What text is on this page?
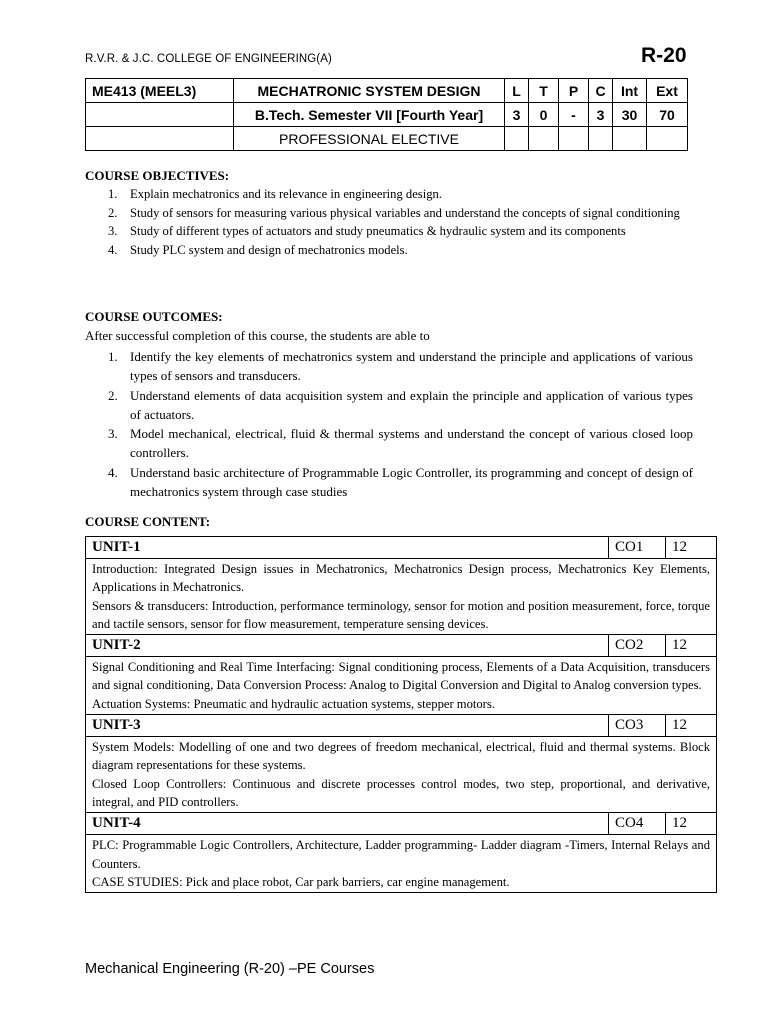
R.V.R. & J.C. COLLEGE OF ENGINEERING(A)	R-20
ME413 (MEEL3)	MECHATRONIC SYSTEM DESIGN	L	T	P	C	Int	Ext
	B.Tech. Semester VII [Fourth Year]	3	0	-	3	30	70
	PROFESSIONAL ELECTIVE						
COURSE OBJECTIVES:
1. Explain mechatronics and its relevance in engineering design.
2. Study of sensors for measuring various physical variables and understand the concepts of signal conditioning
3. Study of different types of actuators and study pneumatics & hydraulic system and its components
4. Study PLC system and design of mechatronics models.
COURSE OUTCOMES:
After successful completion of this course, the students are able to
1. Identify the key elements of mechatronics system and understand the principle and applications of various types of sensors and transducers.
2. Understand elements of data acquisition system and explain the principle and application of various types of actuators.
3. Model mechanical, electrical, fluid & thermal systems and understand the concept of various closed loop controllers.
4. Understand basic architecture of Programmable Logic Controller, its programming and concept of design of mechatronics system through case studies
COURSE CONTENT:
UNIT-1	CO1	12

Introduction: Integrated Design issues in Mechatronics, Mechatronics Design process, Mechatronics Key Elements, Applications in Mechatronics.
Sensors & transducers: Introduction, performance terminology, sensor for motion and position measurement, force, torque and tactile sensors, sensor for flow measurement, temperature sensing devices.		

UNIT-2	CO2	12

Signal Conditioning and Real Time Interfacing: Signal conditioning process, Elements of a Data Acquisition, transducers and signal conditioning, Data Conversion Process: Analog to Digital Conversion and Digital to Analog conversion types.
Actuation Systems: Pneumatic and hydraulic actuation systems, stepper motors.		

UNIT-3	CO3	12

System Models: Modelling of one and two degrees of freedom mechanical, electrical, fluid and thermal systems. Block diagram representations for these systems.
Closed Loop Controllers: Continuous and discrete processes control modes, two step, proportional, and derivative, integral, and PID controllers.		

UNIT-4	CO4	12

PLC: Programmable Logic Controllers, Architecture, Ladder programming- Ladder diagram -Timers, Internal Relays and Counters.
CASE STUDIES: Pick and place robot, Car park barriers, car engine management.		
Mechanical Engineering (R-20) –PE Courses
